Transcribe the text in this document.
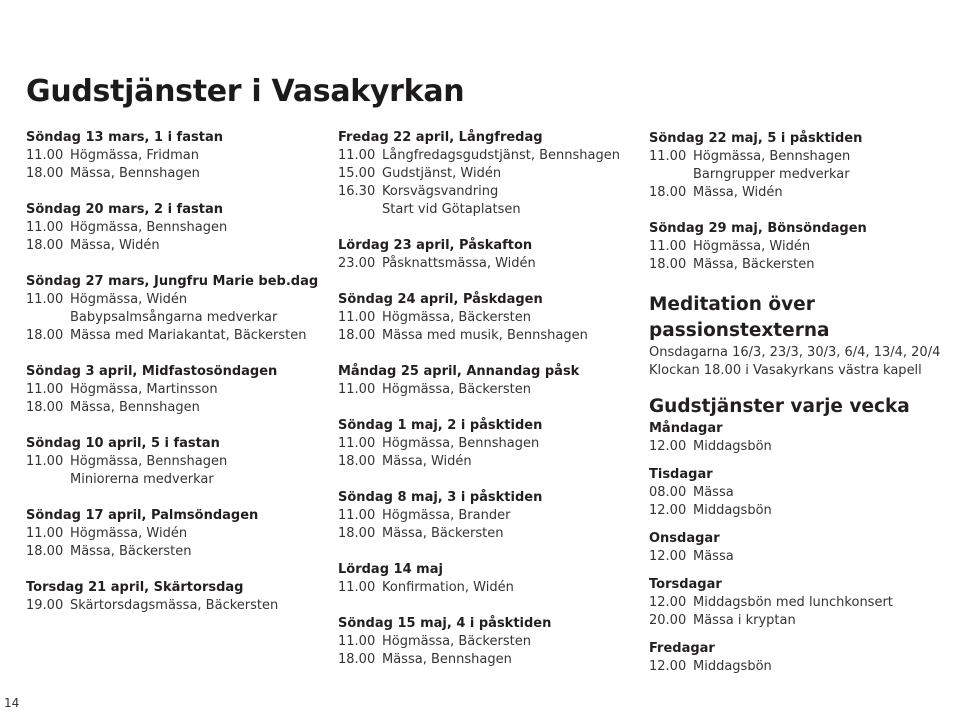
Gudstjänster i Vasakyrkan
Söndag 13 mars, 1 i fastan
11.00 Högmässa, Fridman
18.00 Mässa, Bennshagen
Söndag 20 mars, 2 i fastan
11.00 Högmässa, Bennshagen
18.00 Mässa, Widén
Söndag 27 mars, Jungfru Marie beb.dag
11.00 Högmässa, Widén
Babypsalmsångarna medverkar
18.00 Mässa med Mariakantat, Bäckersten
Söndag 3 april, Midfastosöndagen
11.00 Högmässa, Martinsson
18.00 Mässa, Bennshagen
Söndag 10 april, 5 i fastan
11.00 Högmässa, Bennshagen
Miniorerna medverkar
Söndag 17 april, Palmsöndagen
11.00 Högmässa, Widén
18.00 Mässa, Bäckersten
Torsdag 21 april, Skärtorsdag
19.00 Skärtorsdagsmässa, Bäckersten
Fredag 22 april, Långfredag
11.00 Långfredagsgudstjänst, Bennshagen
15.00 Gudstjänst, Widén
16.30 Korsvägsvandring
Start vid Götaplatsen
Lördag 23 april, Påskafton
23.00 Påsknattsmässa, Widén
Söndag 24 april, Påskdagen
11.00 Högmässa, Bäckersten
18.00 Mässa med musik, Bennshagen
Måndag 25 april, Annandag påsk
11.00 Högmässa, Bäckersten
Söndag 1 maj, 2 i påsktiden
11.00 Högmässa, Bennshagen
18.00 Mässa, Widén
Söndag 8 maj, 3 i påsktiden
11.00 Högmässa, Brander
18.00 Mässa, Bäckersten
Lördag 14 maj
11.00 Konfirmation, Widén
Söndag 15 maj, 4 i påsktiden
11.00 Högmässa, Bäckersten
18.00 Mässa, Bennshagen
Söndag 22 maj, 5 i påsktiden
11.00 Högmässa, Bennshagen
Barngrupper medverkar
18.00 Mässa, Widén
Söndag 29 maj, Bönsöndagen
11.00 Högmässa, Widén
18.00 Mässa, Bäckersten
Meditation över
passionstexterna
Onsdagarna 16/3, 23/3, 30/3, 6/4, 13/4, 20/4
Klockan 18.00 i Vasakyrkans västra kapell
Gudstjänster varje vecka
Måndagar
12.00 Middagsbön
Tisdagar
08.00 Mässa
12.00 Middagsbön
Onsdagar
12.00 Mässa
Torsdagar
12.00 Middagsbön med lunchkonsert
20.00 Mässa i kryptan
Fredagar
12.00 Middagsbön
14
